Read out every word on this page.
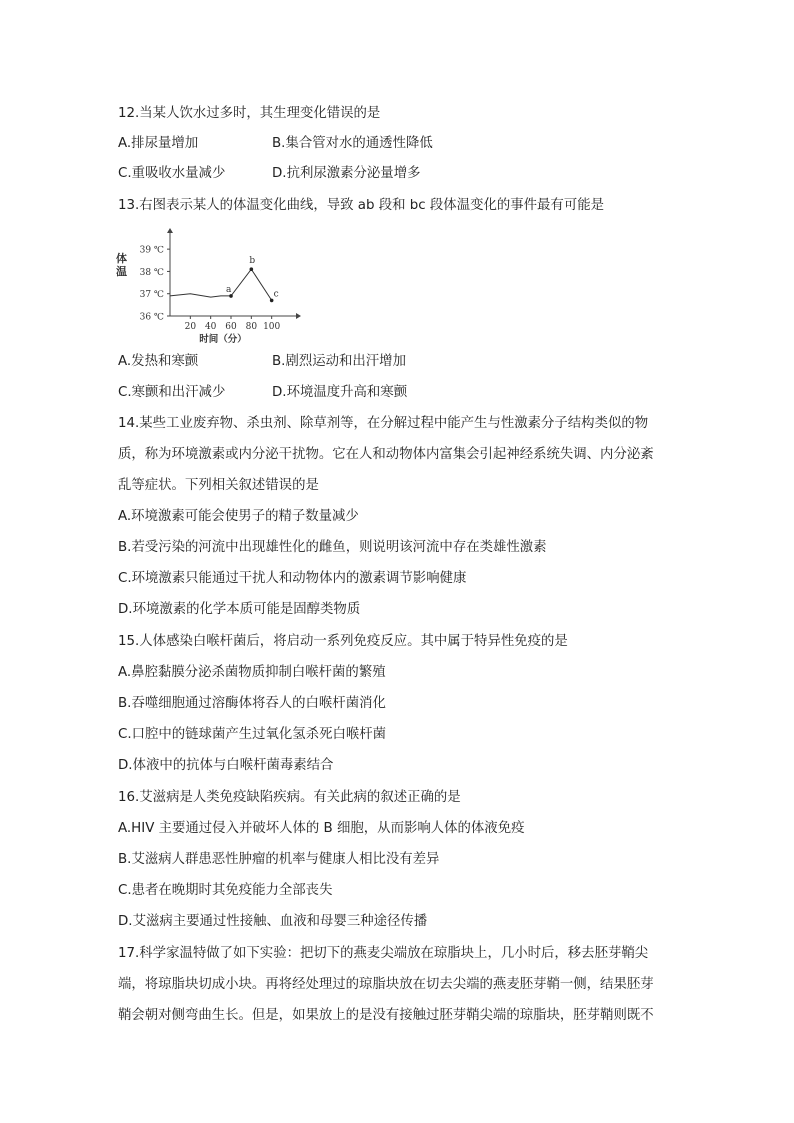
12.当某人饮水过多时，其生理变化错误的是
A.排尿量增加	B.集合管对水的通透性降低
C.重吸收水量减少	D.抗利尿激素分泌量增多
13.右图表示某人的体温变化曲线，导致 ab 段和 bc 段体温变化的事件最有可能是
36 ℃
37 ℃
38 ℃
39 ℃
20 40 60 80 100
a
b
c
体温
时间（分）
A.发热和寒颤	B.剧烈运动和出汗增加
C.寒颤和出汗减少	D.环境温度升高和寒颤
14.某些工业废弃物、杀虫剂、除草剂等，在分解过程中能产生与性激素分子结构类似的物
质，称为环境激素或内分泌干扰物。它在人和动物体内富集会引起神经系统失调、内分泌紊
乱等症状。下列相关叙述错误的是
A.环境激素可能会使男子的精子数量减少
B.若受污染的河流中出现雄性化的雌鱼，则说明该河流中存在类雄性激素
C.环境激素只能通过干扰人和动物体内的激素调节影响健康
D.环境激素的化学本质可能是固醇类物质
15.人体感染白喉杆菌后，将启动一系列免疫反应。其中属于特异性免疫的是
A.鼻腔黏膜分泌杀菌物质抑制白喉杆菌的繁殖
B.吞噬细胞通过溶酶体将吞人的白喉杆菌消化
C.口腔中的链球菌产生过氧化氢杀死白喉杆菌
D.体液中的抗体与白喉杆菌毒素结合
16.艾滋病是人类免疫缺陷疾病。有关此病的叙述正确的是
A.HIV 主要通过侵入并破坏人体的 B 细胞，从而影响人体的体液免疫
B.艾滋病人群患恶性肿瘤的机率与健康人相比没有差异
C.患者在晚期时其免疫能力全部丧失
D.艾滋病主要通过性接触、血液和母婴三种途径传播
17.科学家温特做了如下实验：把切下的燕麦尖端放在琼脂块上，几小时后，移去胚芽鞘尖
端，将琼脂块切成小块。再将经处理过的琼脂块放在切去尖端的燕麦胚芽鞘一侧，结果胚芽
鞘会朝对侧弯曲生长。但是，如果放上的是没有接触过胚芽鞘尖端的琼脂块，胚芽鞘则既不
